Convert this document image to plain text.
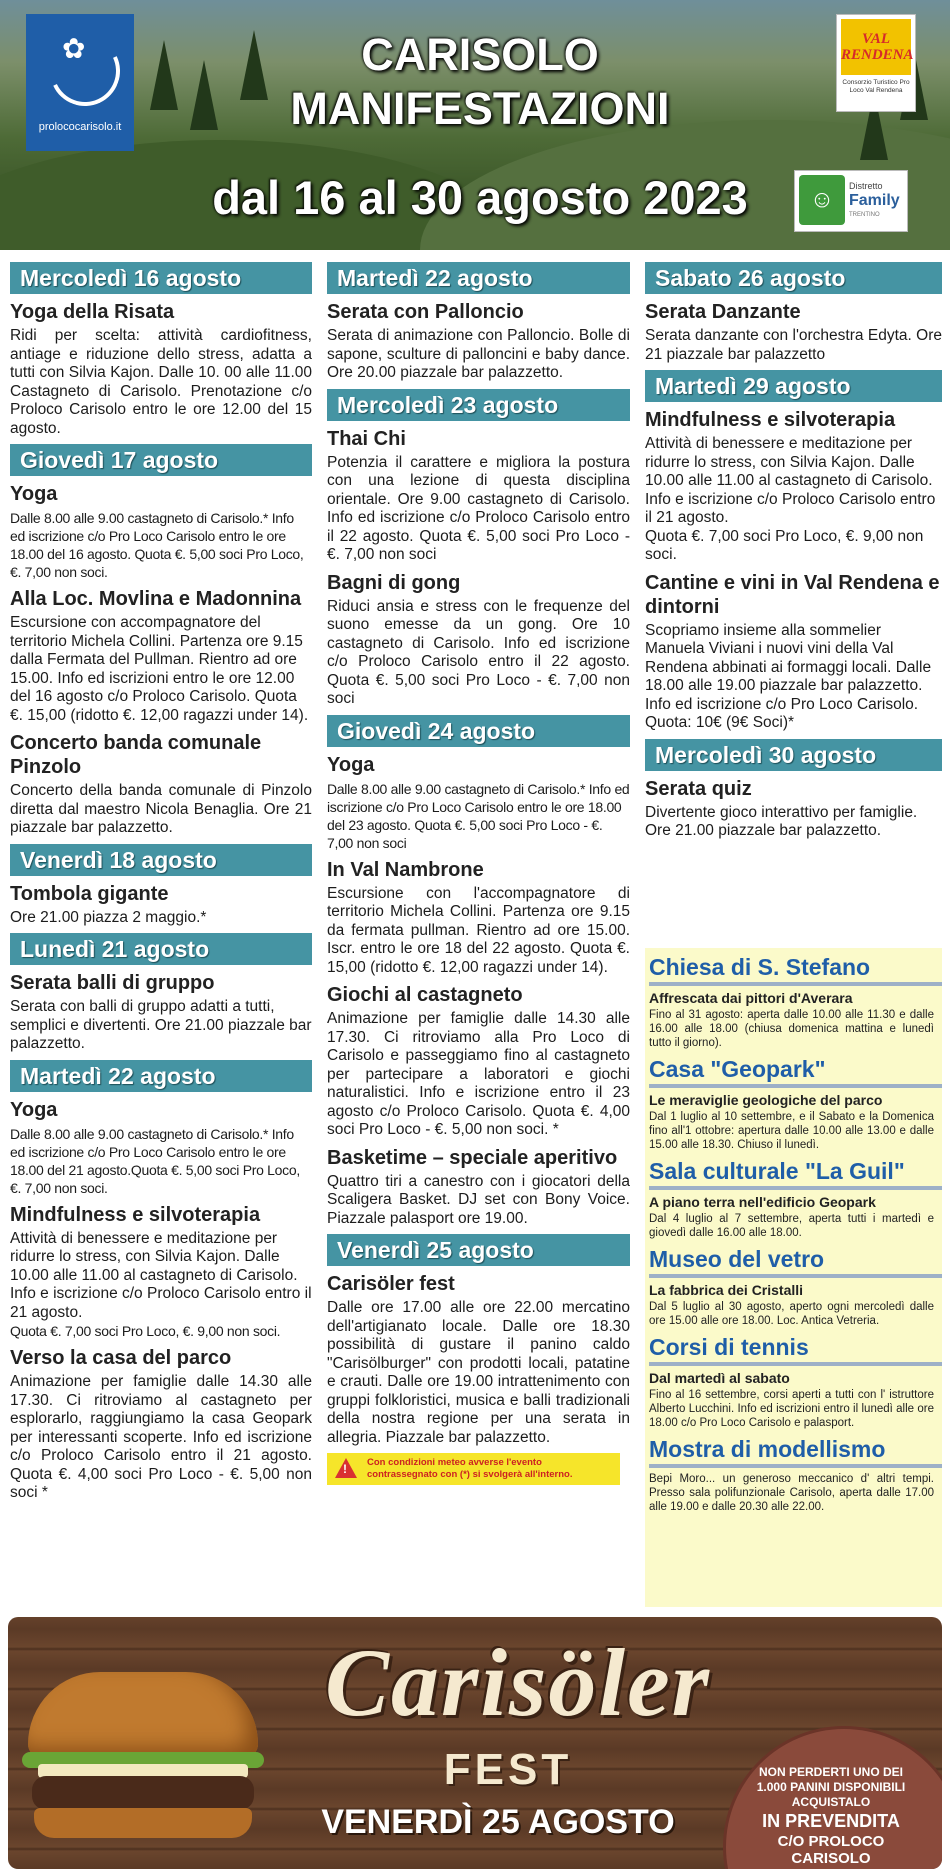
✿
prolococarisolo.it
CARISOLO
MANIFESTAZIONI
dal 16 al 30 agosto 2023
VAL RENDENA
Consorzio Turistico Pro Loco Val Rendena
☺	Distretto
Family
TRENTINO
Mercoledì 16 agosto
Yoga della Risata
Ridi per scelta: attività cardiofitness, antiage e riduzione dello stress, adatta a tutti con Silvia Kajon. Dalle 10. 00 alle 11.00 Castagneto di Carisolo. Prenotazione c/o Proloco Carisolo entro le ore 12.00 del 15 agosto.
Giovedì 17 agosto
Yoga
Dalle 8.00 alle 9.00 castagneto di Carisolo.* Info ed iscrizione c/o Pro Loco Carisolo entro le ore 18.00 del 16 agosto. Quota €. 5,00 soci Pro Loco, €. 7,00 non soci.
Alla Loc. Movlina e Madonnina
Escursione con accompagnatore del territorio Michela Collini. Partenza ore 9.15 dalla Fermata del Pullman. Rientro ad ore 15.00. Info ed iscrizioni entro le ore 12.00 del 16 agosto c/o Proloco Carisolo. Quota €. 15,00 (ridotto €. 12,00 ragazzi under 14).
Concerto banda comunale Pinzolo
Concerto della banda comunale di Pinzolo diretta dal maestro Nicola Benaglia. Ore 21 piazzale bar palazzetto.
Venerdì 18 agosto
Tombola gigante
Ore 21.00 piazza 2 maggio.*
Lunedì 21 agosto
Serata balli di gruppo
Serata con balli di gruppo adatti a tutti, semplici e divertenti. Ore 21.00 piazzale bar palazzetto.
Martedì 22 agosto
Yoga
Dalle 8.00 alle 9.00 castagneto di Carisolo.* Info ed iscrizione c/o Pro Loco Carisolo entro le ore 18.00 del 21 agosto.Quota €. 5,00 soci Pro Loco, €. 7,00 non soci.
Mindfulness e silvoterapia
Attività di benessere e meditazione per ridurre lo stress, con Silvia Kajon. Dalle 10.00 alle 11.00 al castagneto di Carisolo. Info e iscrizione c/o Proloco Carisolo entro il 21 agosto.
Quota €. 7,00 soci Pro Loco, €. 9,00 non soci.
Verso la casa del parco
Animazione per famiglie dalle 14.30 alle 17.30. Ci ritroviamo al castagneto per esplorarlo, raggiungiamo la casa Geopark per interessanti scoperte. Info ed iscrizione c/o Proloco Carisolo entro il 21 agosto. Quota €. 4,00 soci Pro Loco - €. 5,00 non soci *
Martedì 22 agosto
Serata con Palloncio
Serata di animazione con Palloncio. Bolle di sapone, sculture di palloncini e baby dance. Ore 20.00 piazzale bar palazzetto.
Mercoledì 23 agosto
Thai Chi
Potenzia il carattere e migliora la postura con una lezione di questa disciplina orientale. Ore 9.00 castagneto di Carisolo. Info ed iscrizione c/o Proloco Carisolo entro il 22 agosto. Quota €. 5,00 soci Pro Loco - €. 7,00 non soci
Bagni di gong
Riduci ansia e stress con le frequenze del suono emesse da un gong. Ore 10 castagneto di Carisolo. Info ed iscrizione c/o Proloco Carisolo entro il 22 agosto. Quota €. 5,00 soci Pro Loco - €. 7,00 non soci
Giovedì 24 agosto
Yoga
Dalle 8.00 alle 9.00 castagneto di Carisolo.* Info ed iscrizione c/o Pro Loco Carisolo entro le ore 18.00 del 23 agosto. Quota €. 5,00 soci Pro Loco - €. 7,00 non soci
In Val Nambrone
Escursione con l'accompagnatore di territorio Michela Collini. Partenza ore 9.15 da fermata pullman. Rientro ad ore 15.00. Iscr. entro le ore 18 del 22 agosto. Quota €. 15,00 (ridotto €. 12,00 ragazzi under 14).
Giochi al castagneto
Animazione per famiglie dalle 14.30 alle 17.30. Ci ritroviamo alla Pro Loco di Carisolo e passeggiamo fino al castagneto per partecipare a laboratori e giochi naturalistici. Info e iscrizione entro il 23 agosto c/o Proloco Carisolo. Quota €. 4,00 soci Pro Loco - €. 5,00 non soci. *
Basketime – speciale aperitivo
Quattro tiri a canestro con i giocatori della Scaligera Basket. DJ set con Bony Voice. Piazzale palasport ore 19.00.
Venerdì 25 agosto
Carisöler fest
Dalle ore 17.00 alle ore 22.00 mercatino dell'artigianato locale. Dalle ore 18.30 possibilità di gustare il panino caldo "Carisölburger" con prodotti locali, patatine e crauti. Dalle ore 19.00 intrattenimento con gruppi folkloristici, musica e balli tradizionali della nostra regione per una serata in allegria. Piazzale bar palazzetto.
! Con condizioni meteo avverse l'evento contrassegnato con (*) si svolgerà all'interno.
Sabato 26 agosto
Serata Danzante
Serata danzante con l'orchestra Edyta. Ore 21 piazzale bar palazzetto
Martedì 29 agosto
Mindfulness e silvoterapia
Attività di benessere e meditazione per ridurre lo stress, con Silvia Kajon. Dalle 10.00 alle 11.00 al castagneto di Carisolo. Info e iscrizione c/o Proloco Carisolo entro il 21 agosto.
Quota €. 7,00 soci Pro Loco, €. 9,00 non soci.
Cantine e vini in Val Rendena e dintorni
Scopriamo insieme alla sommelier Manuela Viviani i nuovi vini della Val Rendena abbinati ai formaggi locali. Dalle 18.00 alle 19.00 piazzale bar palazzetto. Info ed iscrizione c/o Pro Loco Carisolo. Quota: 10€ (9€ Soci)*
Mercoledì 30 agosto
Serata quiz
Divertente gioco interattivo per famiglie. Ore 21.00 piazzale bar palazzetto.
Chiesa di S. Stefano
Affrescata dai pittori d'Averara
Fino al 31 agosto: aperta dalle 10.00 alle 11.30 e dalle 16.00 alle 18.00 (chiusa domenica mattina e lunedì tutto il giorno).
Casa "Geopark"
Le meraviglie geologiche del parco
Dal 1 luglio al 10 settembre, e il Sabato e la Domenica fino all'1 ottobre: apertura dalle 10.00 alle 13.00 e dalle 15.00 alle 18.30. Chiuso il lunedì.
Sala culturale "La Guil"
A piano terra nell'edificio Geopark
Dal 4 luglio al 7 settembre, aperta tutti i martedì e giovedì dalle 16.00 alle 18.00.
Museo del vetro
La fabbrica dei Cristalli
Dal 5 luglio al 30 agosto, aperto ogni mercoledì dalle ore 15.00 alle ore 18.00. Loc. Antica Vetreria.
Corsi di tennis
Dal martedì al sabato
Fino al 16 settembre, corsi aperti a tutti con l' istruttore Alberto Lucchini. Info ed iscrizioni entro il lunedì alle ore 18.00 c/o Pro Loco Carisolo e palasport.
Mostra di modellismo
Bepi Moro... un generoso meccanico d' altri tempi. Presso sala polifunzionale Carisolo, aperta dalle 17.00 alle 19.00 e dalle 20.30 alle 22.00.
Carisöler
FEST
VENERDÌ 25 AGOSTO
NON PERDERTI UNO DEI 1.000 PANINI DISPONIBILI ACQUISTALO
IN PREVENDITA
C/O PROLOCO CARISOLO
